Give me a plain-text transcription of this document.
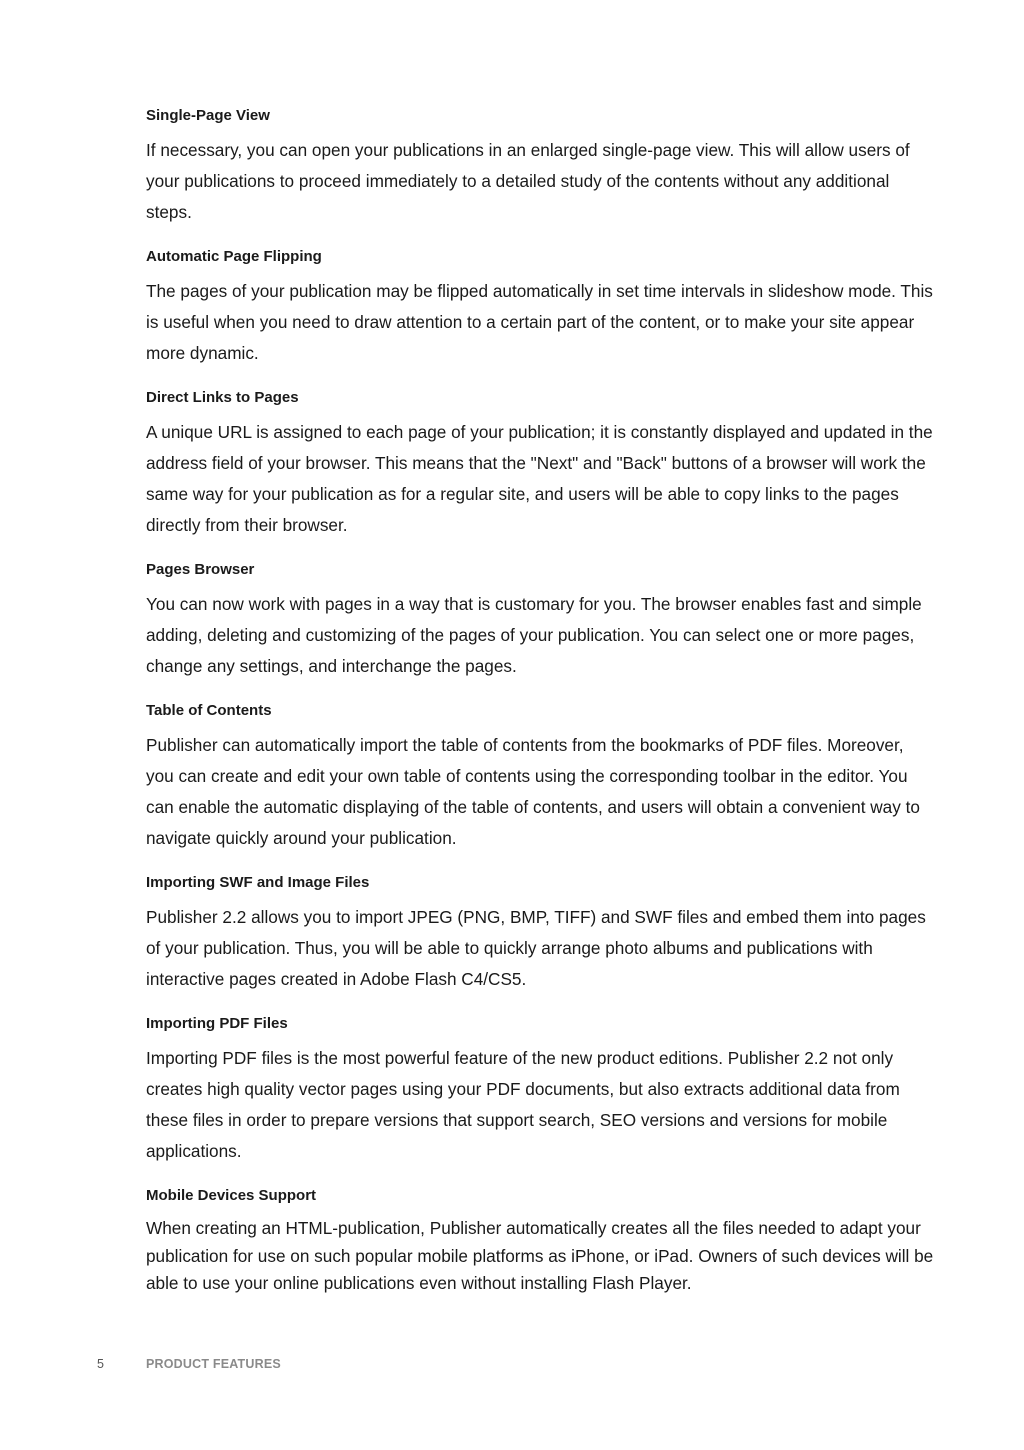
Single-Page View
If necessary, you can open your publications in an enlarged single-page view. This will allow users of your publications to proceed immediately to a detailed study of the contents without any additional steps.
Automatic Page Flipping
The pages of your publication may be flipped automatically in set time intervals in slideshow mode. This is useful when you need to draw attention to a certain part of the content, or to make your site appear more dynamic.
Direct Links to Pages
A unique URL is assigned to each page of your publication; it is constantly displayed and updated in the address field of your browser. This means that the "Next" and "Back" buttons of a browser will work the same way for your publication as for a regular site, and users will be able to copy links to the pages directly from their browser.
Pages Browser
You can now work with pages in a way that is customary for you. The browser enables fast and simple adding, deleting and customizing of the pages of your publication. You can select one or more pages, change any settings, and interchange the pages.
Table of Contents
Publisher can automatically import the table of contents from the bookmarks of PDF files. Moreover, you can create and edit your own table of contents using the corresponding toolbar in the editor. You can enable the automatic displaying of the table of contents, and users will obtain a convenient way to navigate quickly around your publication.
Importing SWF and Image Files
Publisher 2.2 allows you to import JPEG (PNG, BMP, TIFF) and SWF files and embed them into pages of your publication. Thus, you will be able to quickly arrange photo albums and publications with interactive pages created in Adobe Flash C4/CS5.
Importing PDF Files
Importing PDF files is the most powerful feature of the new product editions. Publisher 2.2 not only creates high quality vector pages using your PDF documents, but also extracts additional data from these files in order to prepare versions that support search, SEO versions and versions for mobile applications.
Mobile Devices Support
When creating an HTML-publication, Publisher automatically creates all the files needed to adapt your publication for use on such popular mobile platforms as iPhone, or iPad. Owners of such devices will be able to use your online publications even without installing Flash Player.
5	PRODUCT FEATURES
